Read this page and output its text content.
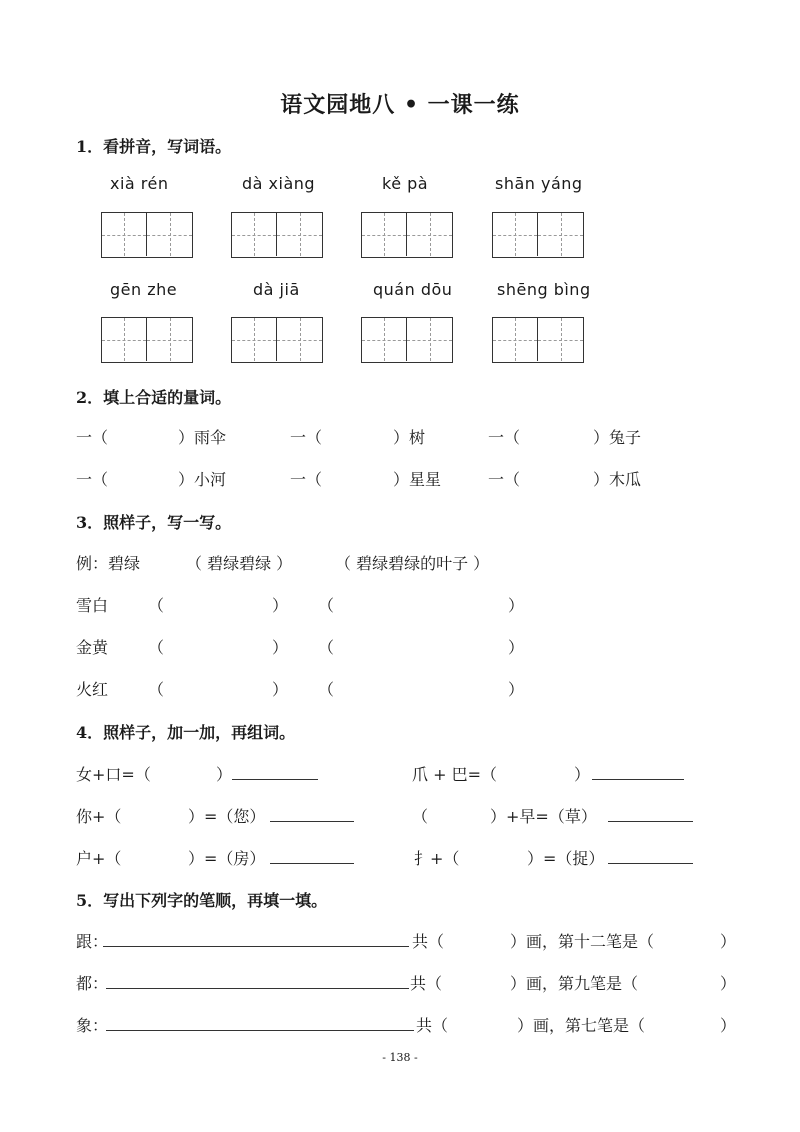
语文园地八 • 一课一练
1．看拼音，写词语。
xià rén	dà xiàng	kě pà	shān yáng
gēn zhe	dà jiā	quán dōu	shēng bìng
2．填上合适的量词。
一（	）雨伞	一（	）树	一（	）兔子
一（	）小河	一（	）星星	一（	）木瓜
3．照样子，写一写。
例：碧绿	（ 碧绿碧绿 ）	（ 碧绿碧绿的叶子 ）
雪白 （	） （	）
金黄 （	） （	）
火红 （	） （	）
4．照样子，加一加，再组词。
女+口=（	）	爪 + 巴=（	）
你+（	）=（您）	（	）+早=（草）
户+（	）=（房）	扌+（	）=（捉）
5．写出下列字的笔顺，再填一填。
跟：	共（	）画，第十二笔是（	）
都：	共（	）画，第九笔是（	）
象：	共（	）画，第七笔是（	）
- 138 -
